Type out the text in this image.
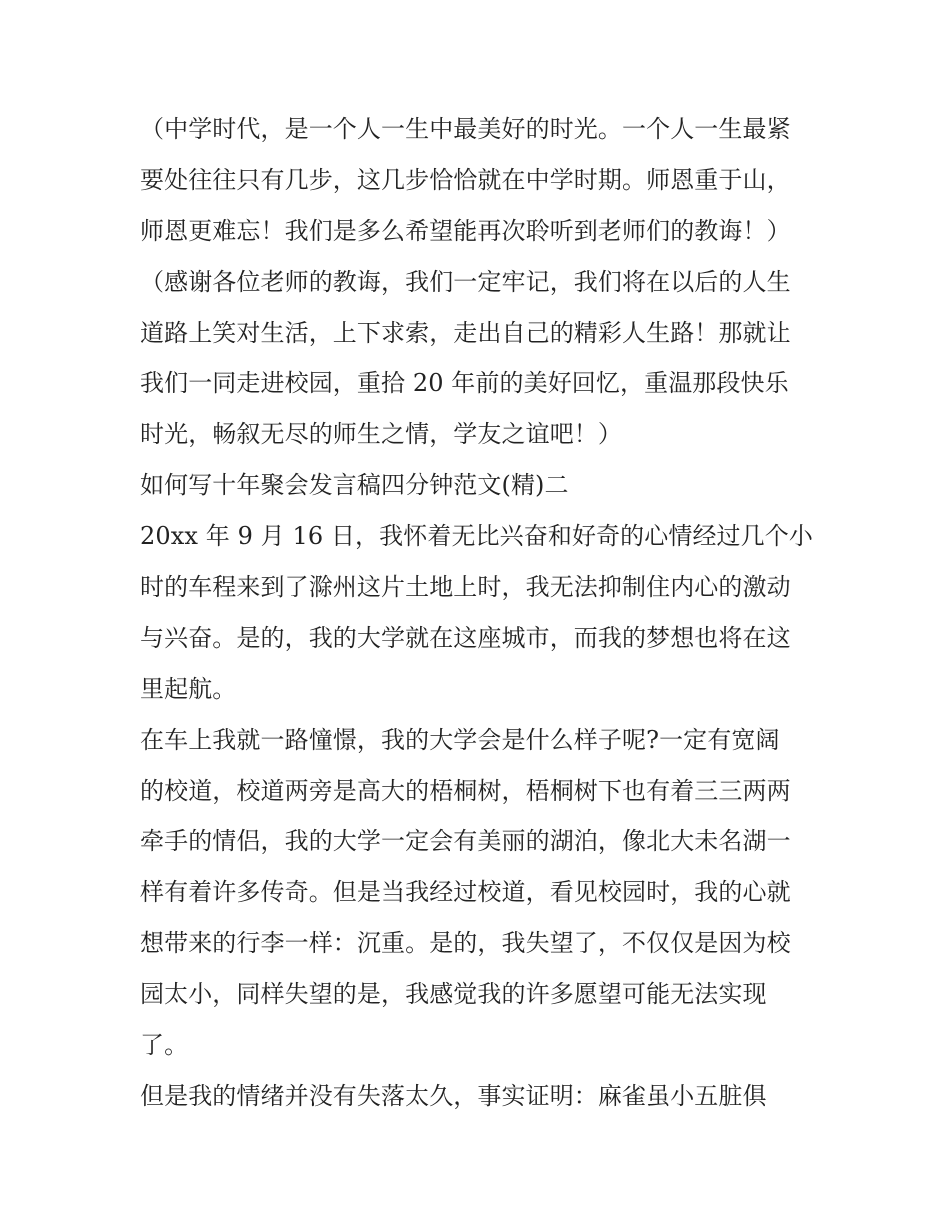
（中学时代，是一个人一生中最美好的时光。一个人一生最紧
要处往往只有几步，这几步恰恰就在中学时期。师恩重于山，
师恩更难忘！我们是多么希望能再次聆听到老师们的教诲！）
（感谢各位老师的教诲，我们一定牢记，我们将在以后的人生
道路上笑对生活，上下求索，走出自己的精彩人生路！那就让
我们一同走进校园，重拾 20 年前的美好回忆，重温那段快乐
时光，畅叙无尽的师生之情，学友之谊吧！）
如何写十年聚会发言稿四分钟范文(精)二
20xx 年 9 月 16 日，我怀着无比兴奋和好奇的心情经过几个小
时的车程来到了滁州这片土地上时，我无法抑制住内心的激动
与兴奋。是的，我的大学就在这座城市，而我的梦想也将在这
里起航。
在车上我就一路憧憬，我的大学会是什么样子呢?一定有宽阔
的校道，校道两旁是高大的梧桐树，梧桐树下也有着三三两两
牵手的情侣，我的大学一定会有美丽的湖泊，像北大未名湖一
样有着许多传奇。但是当我经过校道，看见校园时，我的心就
想带来的行李一样：沉重。是的，我失望了，不仅仅是因为校
园太小，同样失望的是，我感觉我的许多愿望可能无法实现
了。
但是我的情绪并没有失落太久，事实证明：麻雀虽小五脏俱
